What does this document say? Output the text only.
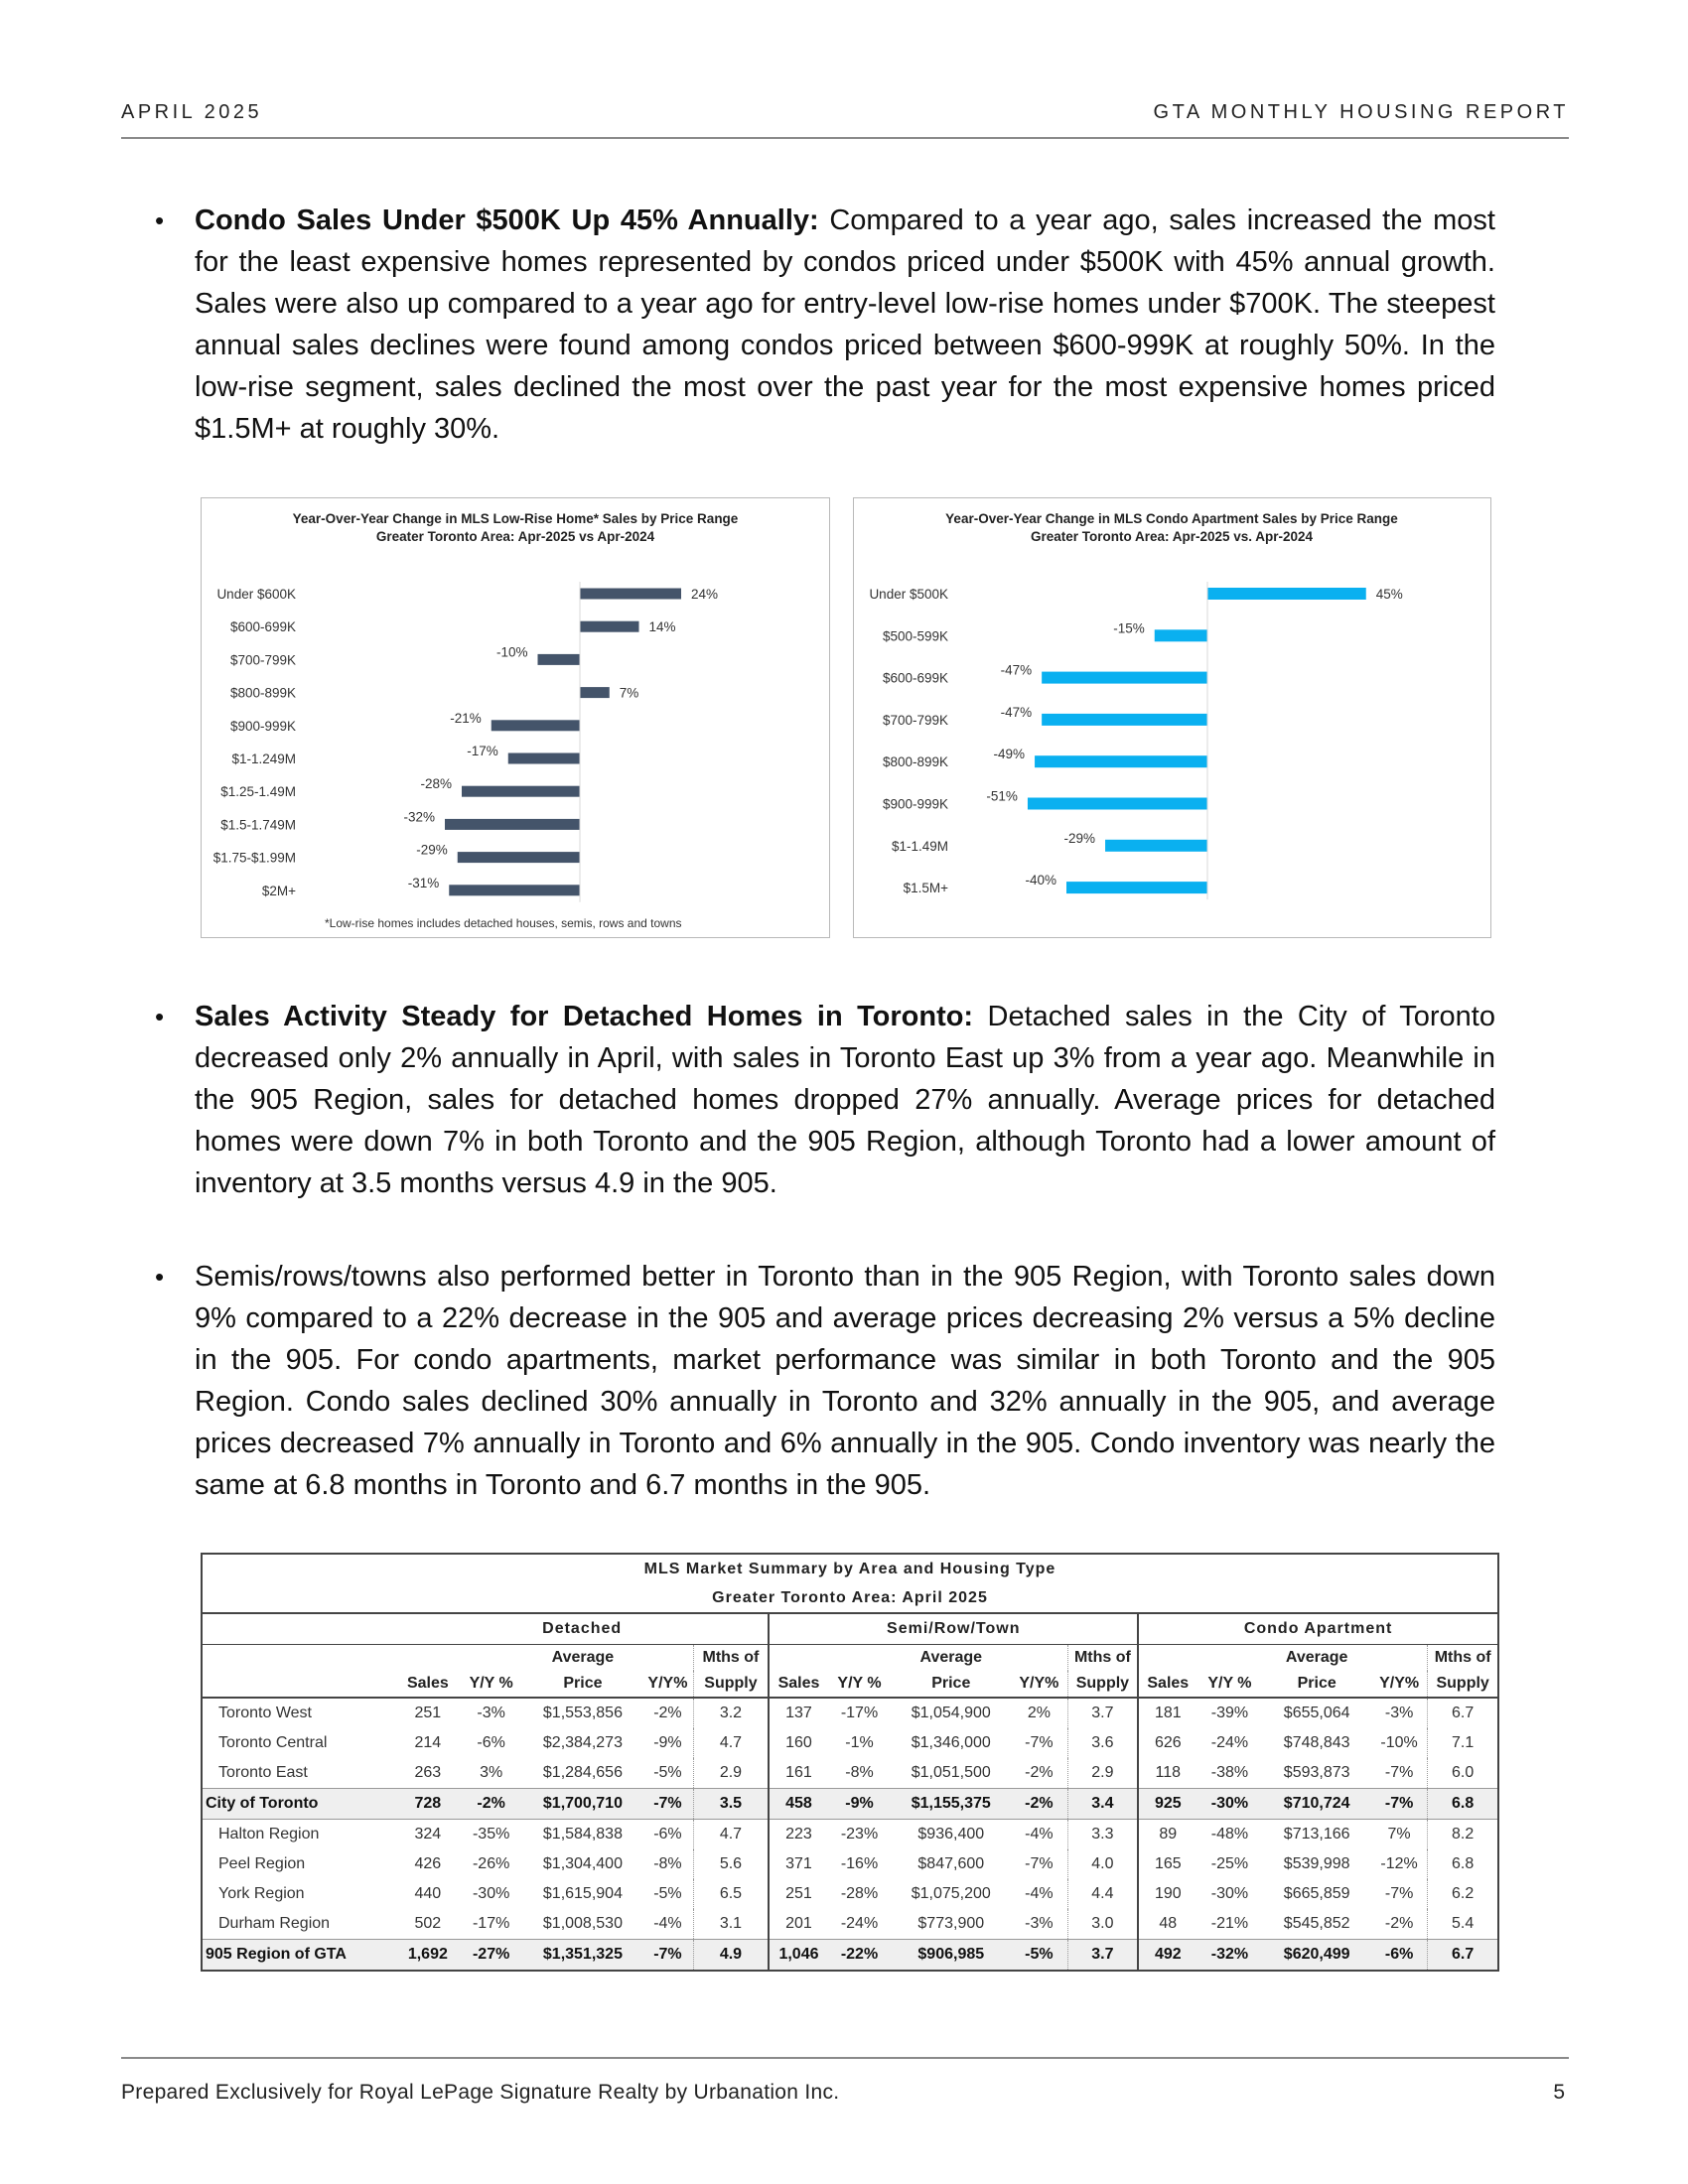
APRIL 2025	GTA MONTHLY HOUSING REPORT
• Condo Sales Under $500K Up 45% Annually: Compared to a year ago, sales increased the most for the least expensive homes represented by condos priced under $500K with 45% annual growth. Sales were also up compared to a year ago for entry-level low-rise homes under $700K. The steepest annual sales declines were found among condos priced between $600-999K at roughly 50%. In the low-rise segment, sales declined the most over the past year for the most expensive homes priced $1.5M+ at roughly 30%.
Year-Over-Year Change in MLS Low-Rise Home* Sales by Price Range
Greater Toronto Area: Apr-2025 vs Apr-2024
Under $600K	24%
$600-699K	14%
$700-799K
-10%
$800-899K	7%
$900-999K
-21%
$1-1.249M
-17%
$1.25-1.49M
-28%
$1.5-1.749M
-32%
$1.75-$1.99M
-29%
$2M+
-31%
*Low-rise homes includes detached houses, semis, rows and towns
Year-Over-Year Change in MLS Condo Apartment Sales by Price Range
Greater Toronto Area: Apr-2025 vs. Apr-2024
Under $500K	45%
$500-599K
-15%
$600-699K
-47%
$700-799K
-47%
$800-899K
-49%
$900-999K
-51%
$1-1.49M
-29%
$1.5M+
-40%
• Sales Activity Steady for Detached Homes in Toronto: Detached sales in the City of Toronto decreased only 2% annually in April, with sales in Toronto East up 3% from a year ago. Meanwhile in the 905 Region, sales for detached homes dropped 27% annually. Average prices for detached homes were down 7% in both Toronto and the 905 Region, although Toronto had a lower amount of inventory at 3.5 months versus 4.9 in the 905.
• Semis/rows/towns also performed better in Toronto than in the 905 Region, with Toronto sales down 9% compared to a 22% decrease in the 905 and average prices decreasing 2% versus a 5% decline in the 905. For condo apartments, market performance was similar in both Toronto and the 905 Region. Condo sales declined 30% annually in Toronto and 32% annually in the 905, and average prices decreased 7% annually in Toronto and 6% annually in the 905. Condo inventory was nearly the same at 6.8 months in Toronto and 6.7 months in the 905.
MLS Market Summary by Area and Housing Type															
Greater Toronto Area: April 2025															
	Detached					Semi/Row/Town					Condo Apartment				
			Average		Mths of			Average		Mths of			Average		Mths of
	Sales	Y/Y %	Price	Y/Y%	Supply	Sales	Y/Y %	Price	Y/Y%	Supply	Sales	Y/Y %	Price	Y/Y%	Supply
Toronto West	251	-3%	$1,553,856	-2%	3.2	137	-17%	$1,054,900	2%	3.7	181	-39%	$655,064	-3%	6.7
Toronto Central	214	-6%	$2,384,273	-9%	4.7	160	-1%	$1,346,000	-7%	3.6	626	-24%	$748,843	-10%	7.1
Toronto East	263	3%	$1,284,656	-5%	2.9	161	-8%	$1,051,500	-2%	2.9	118	-38%	$593,873	-7%	6.0
City of Toronto	728	-2%	$1,700,710	-7%	3.5	458	-9%	$1,155,375	-2%	3.4	925	-30%	$710,724	-7%	6.8
Halton Region	324	-35%	$1,584,838	-6%	4.7	223	-23%	$936,400	-4%	3.3	89	-48%	$713,166	7%	8.2
Peel Region	426	-26%	$1,304,400	-8%	5.6	371	-16%	$847,600	-7%	4.0	165	-25%	$539,998	-12%	6.8
York Region	440	-30%	$1,615,904	-5%	6.5	251	-28%	$1,075,200	-4%	4.4	190	-30%	$665,859	-7%	6.2
Durham Region	502	-17%	$1,008,530	-4%	3.1	201	-24%	$773,900	-3%	3.0	48	-21%	$545,852	-2%	5.4
905 Region of GTA	1,692	-27%	$1,351,325	-7%	4.9	1,046	-22%	$906,985	-5%	3.7	492	-32%	$620,499	-6%	6.7
Prepared Exclusively for Royal LePage Signature Realty by Urbanation Inc.	5
